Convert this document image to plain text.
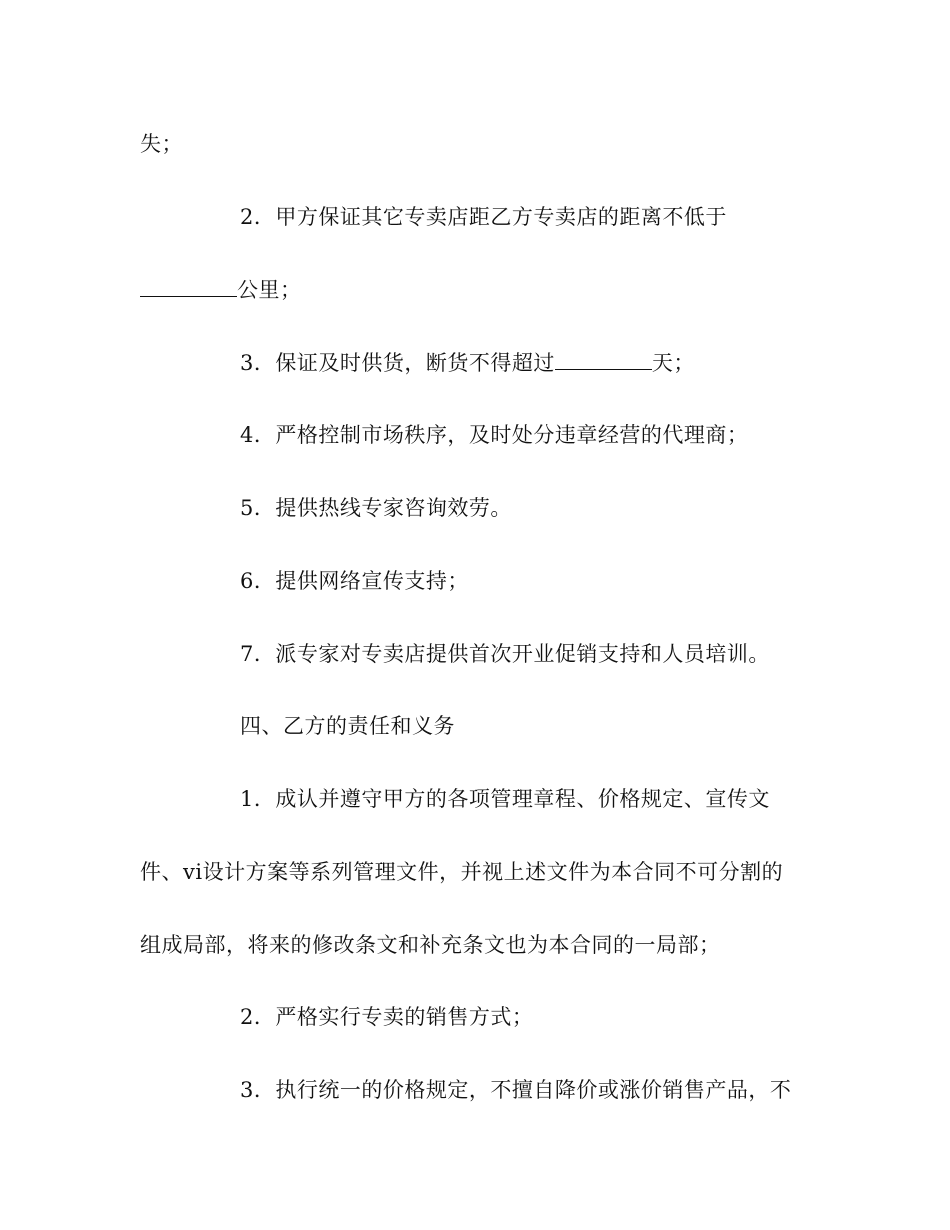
失；
2．甲方保证其它专卖店距乙方专卖店的距离不低于
公里；
3．保证及时供货，断货不得超过	天；
4．严格控制市场秩序，及时处分违章经营的代理商；
5．提供热线专家咨询效劳。
6．提供网络宣传支持；
7．派专家对专卖店提供首次开业促销支持和人员培训。
四、乙方的责任和义务
1．成认并遵守甲方的各项管理章程、价格规定、宣传文
件、vi设计方案等系列管理文件，并视上述文件为本合同不可分割的
组成局部，将来的修改条文和补充条文也为本合同的一局部；
2．严格实行专卖的销售方式；
3．执行统一的价格规定，不擅自降价或涨价销售产品，不
